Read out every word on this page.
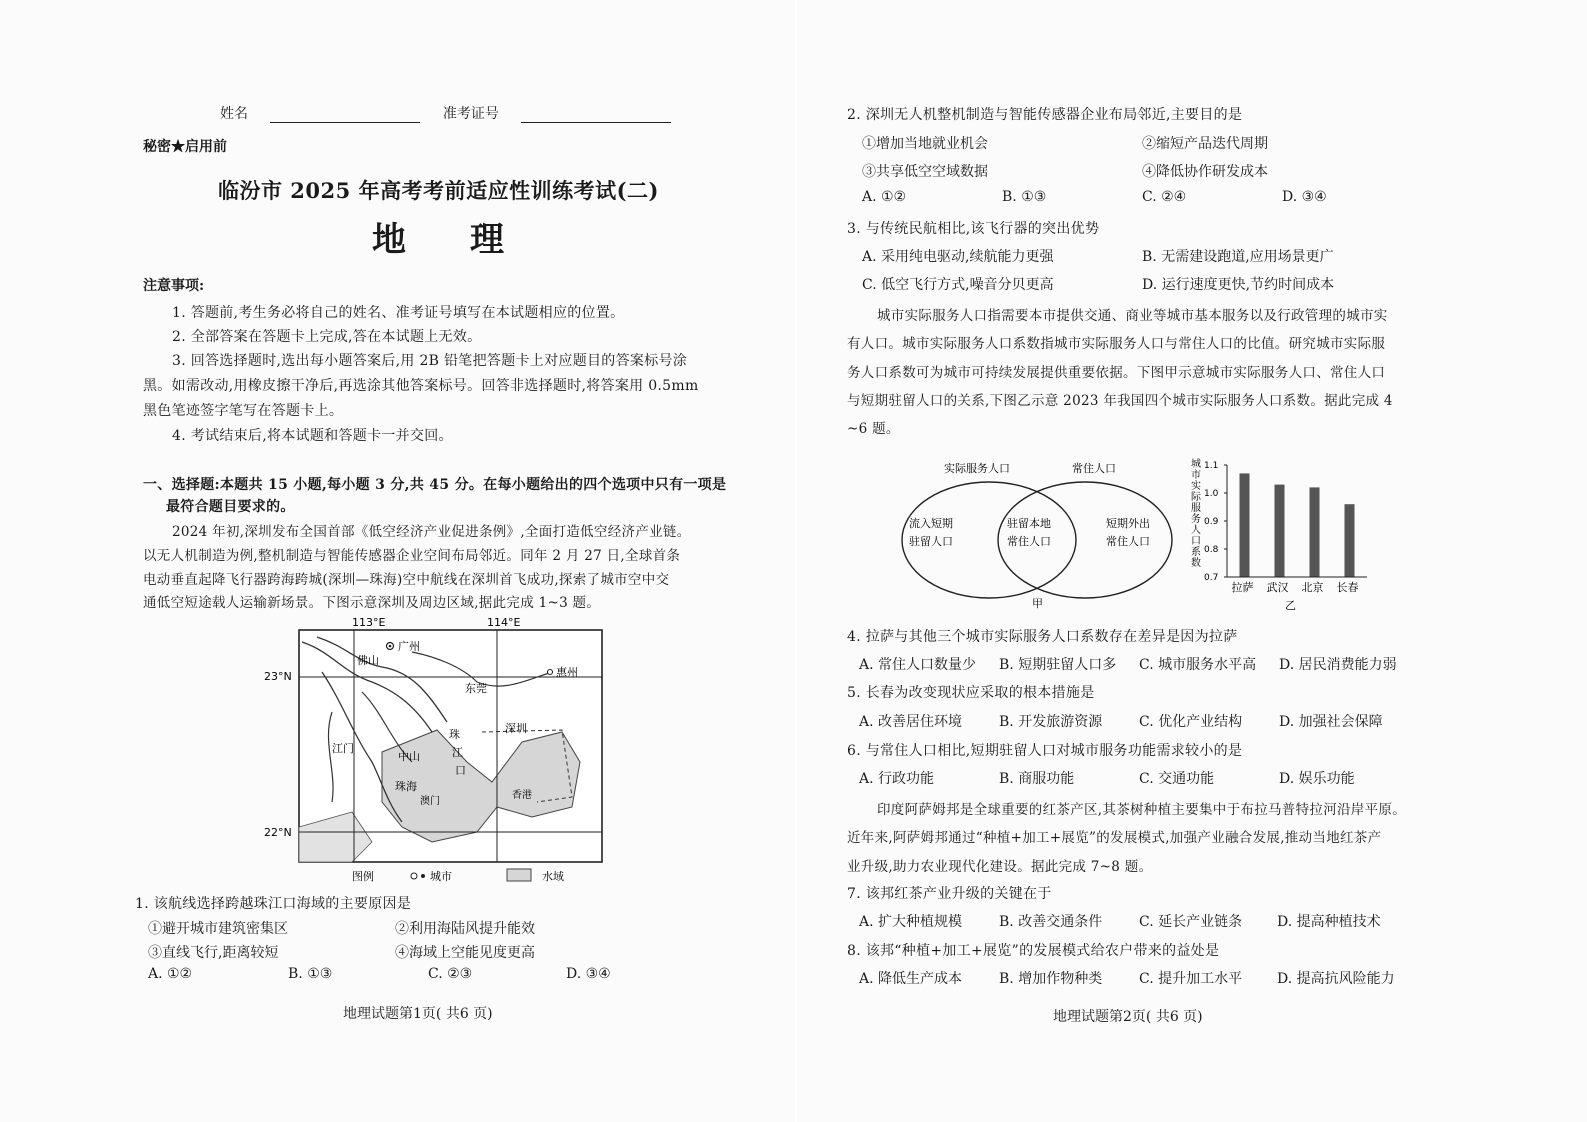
姓名	准考证号
秘密★启用前
临汾市 2025 年高考考前适应性训练考试(二)
地理
注意事项:
1. 答题前,考生务必将自己的姓名、准考证号填写在本试题相应的位置。
2. 全部答案在答题卡上完成,答在本试题上无效。
3. 回答选择题时,选出每小题答案后,用 2B 铅笔把答题卡上对应题目的答案标号涂
黑。如需改动,用橡皮擦干净后,再选涂其他答案标号。回答非选择题时,将答案用 0.5mm
黑色笔迹签字笔写在答题卡上。
4. 考试结束后,将本试题和答题卡一并交回。
一、选择题:本题共 15 小题,每小题 3 分,共 45 分。在每小题给出的四个选项中只有一项是
最符合题目要求的。
2024 年初,深圳发布全国首部《低空经济产业促进条例》,全面打造低空经济产业链。
以无人机制造为例,整机制造与智能传感器企业空间布局邻近。同年 2 月 27 日,全球首条
电动垂直起降飞行器跨海跨城(深圳—珠海)空中航线在深圳首飞成功,探索了城市空中交
通低空短途载人运输新场景。下图示意深圳及周边区域,据此完成 1~3 题。
113°E	114°E
23°N
22°N
广州
佛山
惠州
东莞
深圳
江门
中山
珠海
澳门
香港
珠
江
口
图例	城市	水域
1. 该航线选择跨越珠江口海域的主要原因是
①避开城市建筑密集区	②利用海陆风提升能效
③直线飞行,距离较短	④海域上空能见度更高
A. ①②	B. ①③	C. ②③	D. ③④
地理试题第1页( 共6 页)
2. 深圳无人机整机制造与智能传感器企业布局邻近,主要目的是
①增加当地就业机会	②缩短产品迭代周期
③共享低空空域数据	④降低协作研发成本
A. ①②	B. ①③	C. ②④	D. ③④
3. 与传统民航相比,该飞行器的突出优势
A. 采用纯电驱动,续航能力更强	B. 无需建设跑道,应用场景更广
C. 低空飞行方式,噪音分贝更高	D. 运行速度更快,节约时间成本
城市实际服务人口指需要本市提供交通、商业等城市基本服务以及行政管理的城市实
有人口。城市实际服务人口系数指城市实际服务人口与常住人口的比值。研究城市实际服
务人口系数可为城市可持续发展提供重要依据。下图甲示意城市实际服务人口、常住人口
与短期驻留人口的关系,下图乙示意 2023 年我国四个城市实际服务人口系数。据此完成 4
~6 题。
实际服务人口	常住人口
流入短期
驻留人口
驻留本地
常住人口
短期外出
常住人口
甲
城
市
实
际
服
务
人
口
系
数
0.7
0.8
0.9
1.0
1.1
拉萨 武汉 北京 长春
乙
4. 拉萨与其他三个城市实际服务人口系数存在差异是因为拉萨
A. 常住人口数量少 B. 短期驻留人口多 C. 城市服务水平高 D. 居民消费能力弱
5. 长春为改变现状应采取的根本措施是
A. 改善居住环境	B. 开发旅游资源	C. 优化产业结构	D. 加强社会保障
6. 与常住人口相比,短期驻留人口对城市服务功能需求较小的是
A. 行政功能	B. 商服功能	C. 交通功能	D. 娱乐功能
印度阿萨姆邦是全球重要的红茶产区,其茶树种植主要集中于布拉马普特拉河沿岸平原。
近年来,阿萨姆邦通过“种植+加工+展览”的发展模式,加强产业融合发展,推动当地红茶产
业升级,助力农业现代化建设。据此完成 7~8 题。
7. 该邦红茶产业升级的关键在于
A. 扩大种植规模	B. 改善交通条件	C. 延长产业链条 D. 提高种植技术
8. 该邦“种植+加工+展览”的发展模式给农户带来的益处是
A. 降低生产成本	B. 增加作物种类	C. 提升加工水平 D. 提高抗风险能力
地理试题第2页( 共6 页)
